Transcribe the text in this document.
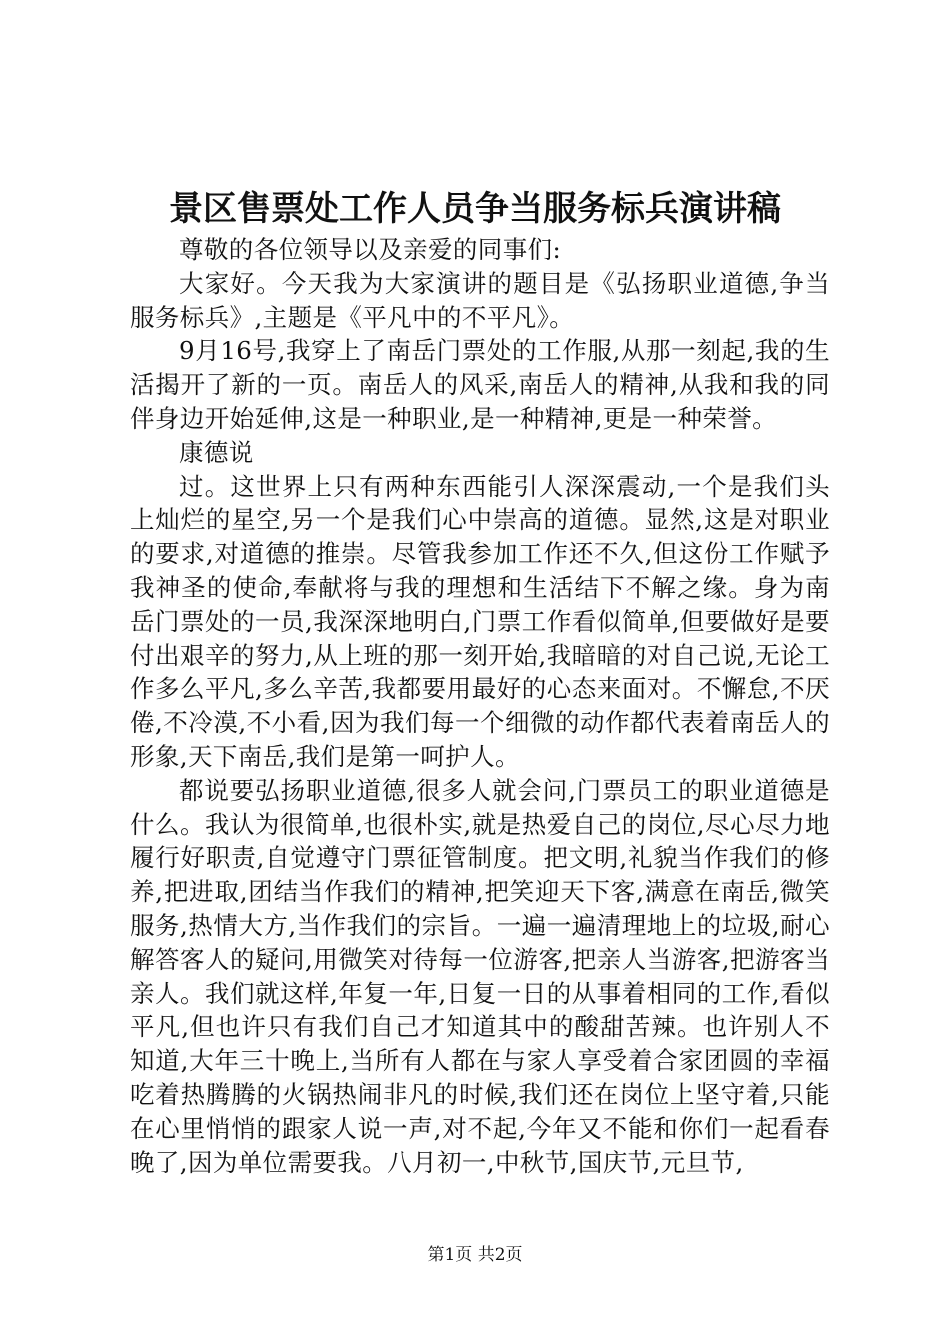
景区售票处工作人员争当服务标兵演讲稿

尊敬的各位领导以及亲爱的同事们:

大家好。今天我为大家演讲的题目是《弘扬职业道德,争当服务标兵》,主题是《平凡中的不平凡》。

9月16号,我穿上了南岳门票处的工作服,从那一刻起,我的生活揭开了新的一页。南岳人的风采,南岳人的精神,从我和我的同伴身边开始延伸,这是一种职业,是一种精神,更是一种荣誉。

康德说

过。这世界上只有两种东西能引人深深震动,一个是我们头上灿烂的星空,另一个是我们心中崇高的道德。显然,这是对职业的要求,对道德的推崇。尽管我参加工作还不久,但这份工作赋予我神圣的使命,奉献将与我的理想和生活结下不解之缘。身为南岳门票处的一员,我深深地明白,门票工作看似简单,但要做好是要付出艰辛的努力,从上班的那一刻开始,我暗暗的对自己说,无论工作多么平凡,多么辛苦,我都要用最好的心态来面对。不懈怠,不厌倦,不冷漠,不小看,因为我们每一个细微的动作都代表着南岳人的形象,天下南岳,我们是第一呵护人。

都说要弘扬职业道德,很多人就会问,门票员工的职业道德是什么。我认为很简单,也很朴实,就是热爱自己的岗位,尽心尽力地履行好职责,自觉遵守门票征管制度。把文明,礼貌当作我们的修养,把进取,团结当作我们的精神,把笑迎天下客,满意在南岳,微笑服务,热情大方,当作我们的宗旨。一遍一遍清理地上的垃圾,耐心解答客人的疑问,用微笑对待每一位游客,把亲人当游客,把游客当亲人。我们就这样,年复一年,日复一日的从事着相同的工作,看似平凡,但也许只有我们自己才知道其中的酸甜苦辣。也许别人不知道,大年三十晚上,当所有人都在与家人享受着合家团圆的幸福吃着热腾腾的火锅热闹非凡的时候,我们还在岗位上坚守着,只能在心里悄悄的跟家人说一声,对不起,今年又不能和你们一起看春晚了,因为单位需要我。八月初一,中秋节,国庆节,元旦节,

第1页 共2页
